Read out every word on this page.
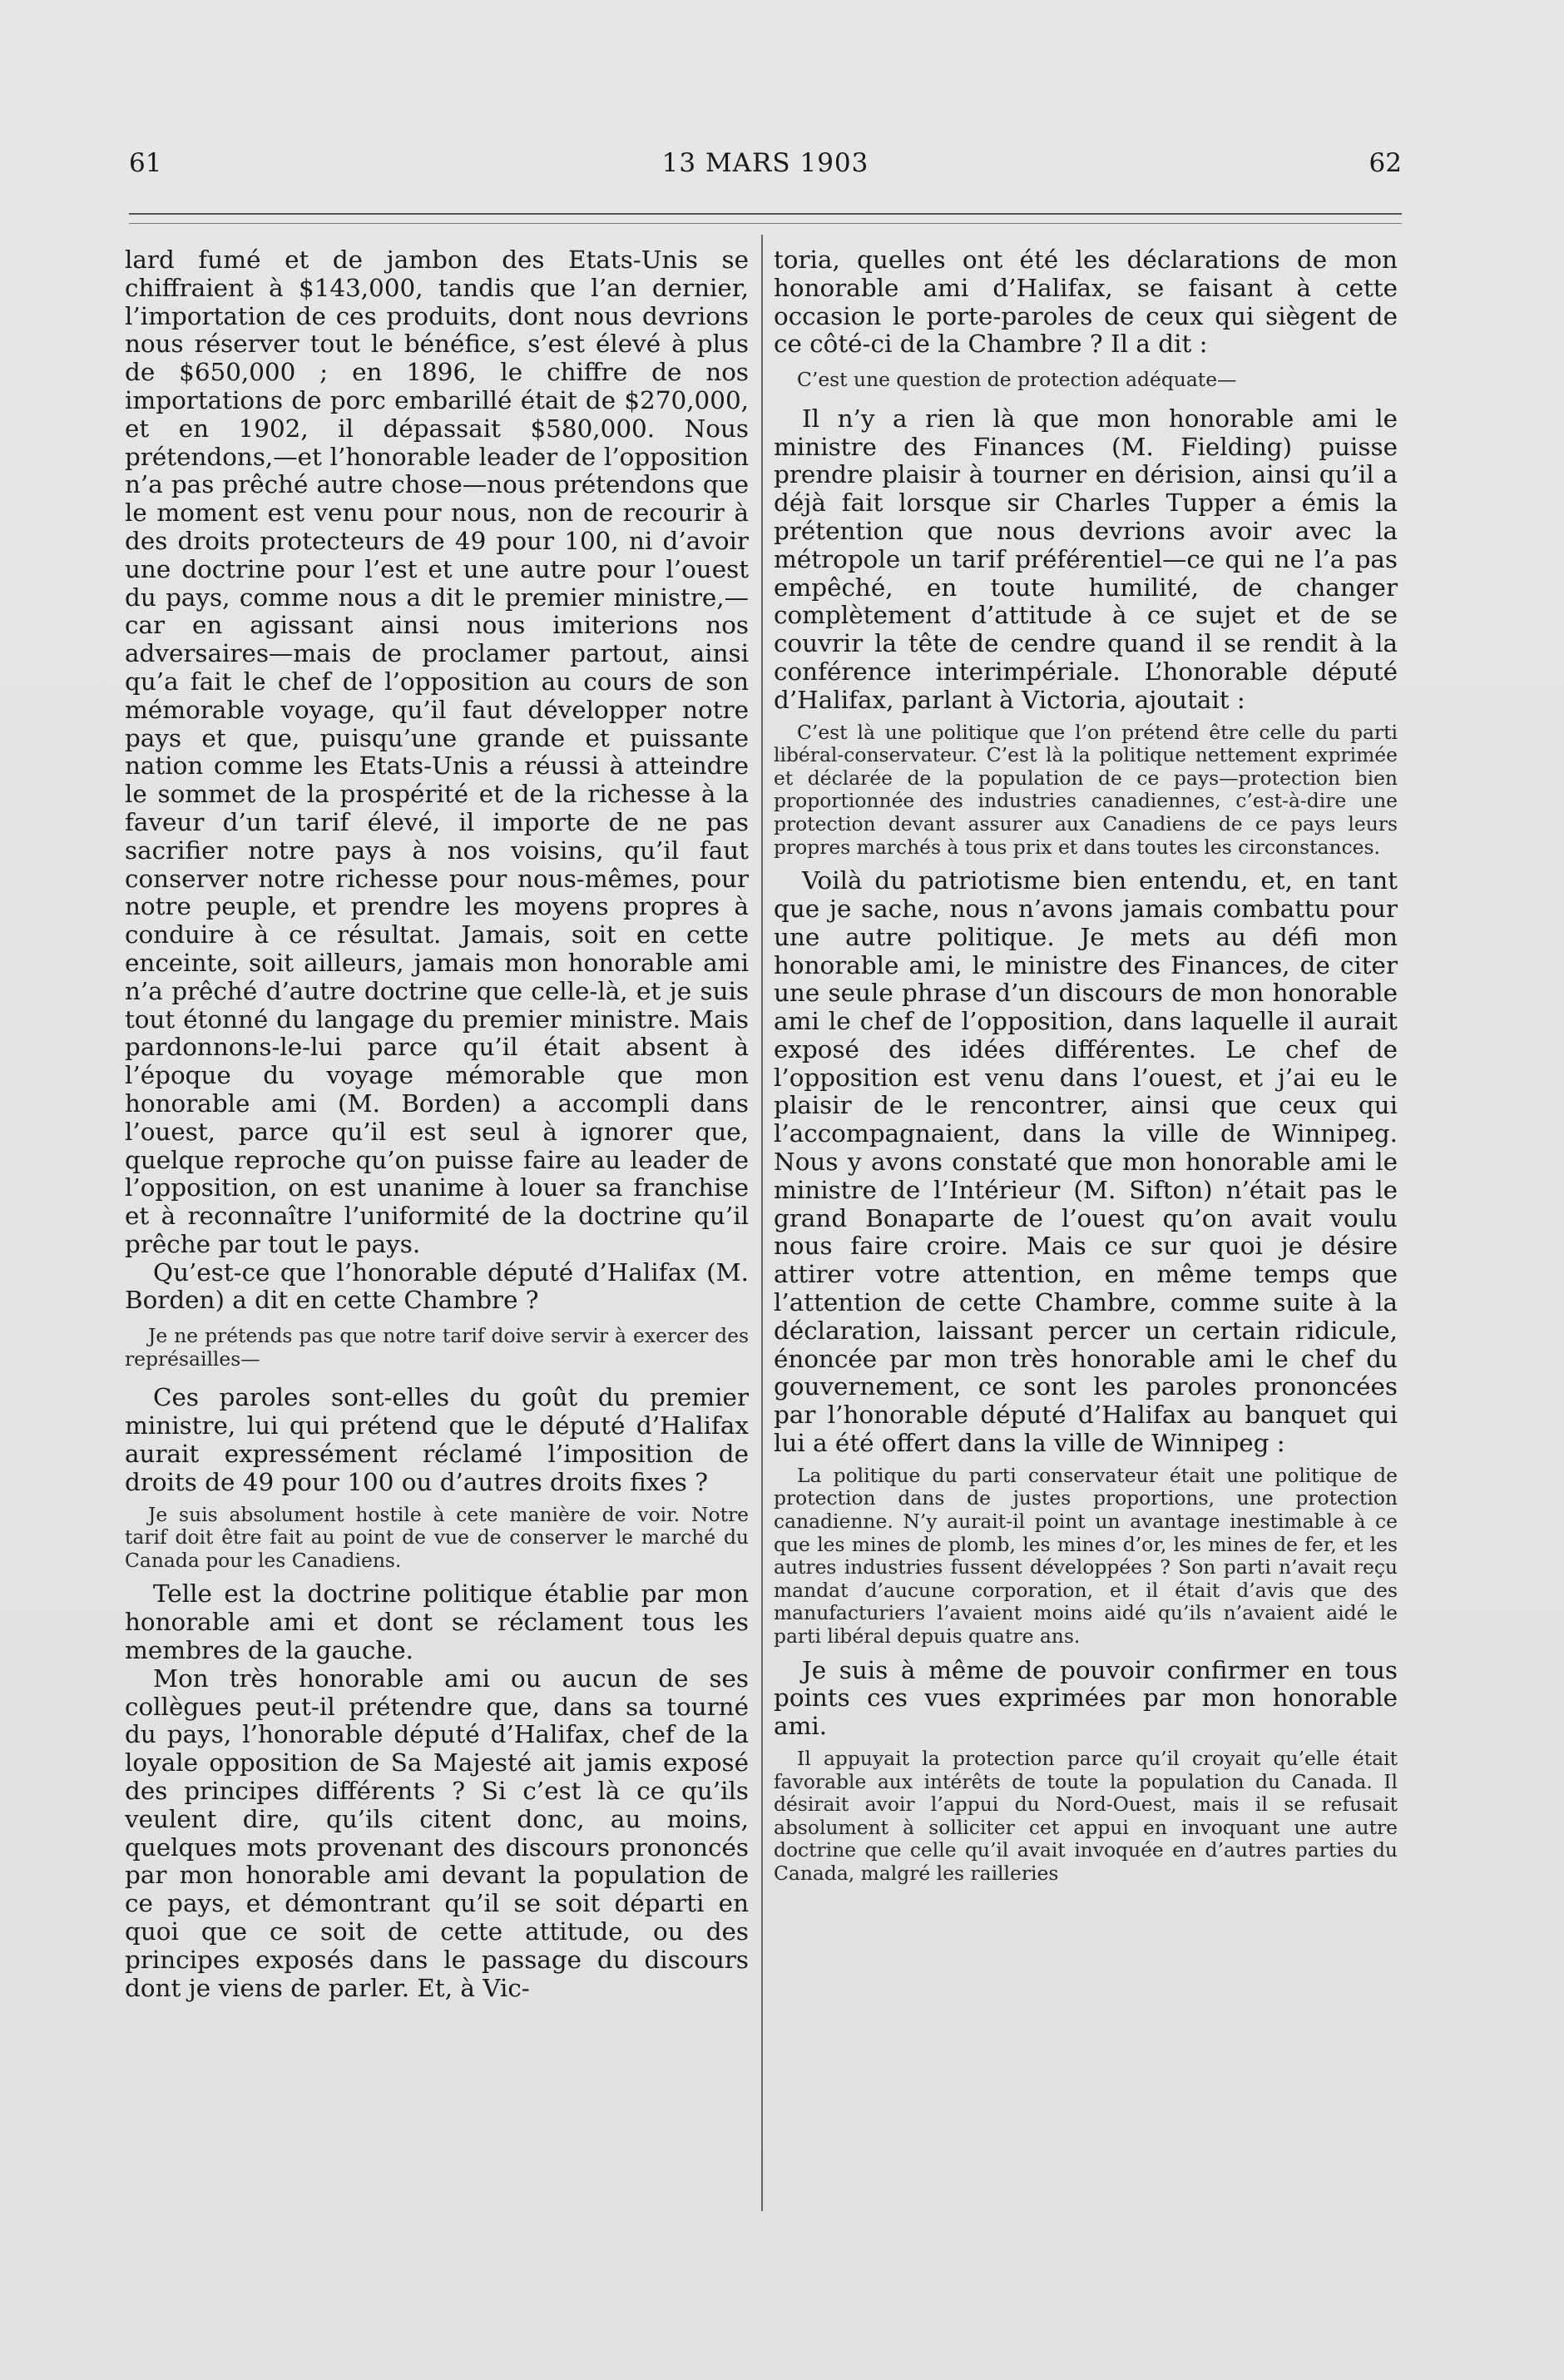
61	13 MARS 1903	62

lard fumé et de jambon des Etats-Unis se chiffraient à $143,000, tandis que l’an dernier, l’importation de ces produits, dont nous devrions nous réserver tout le bénéfice, s’est élevé à plus de $650,000 ; en 1896, le chiffre de nos importations de porc embarillé était de $270,000, et en 1902, il dépassait $580,000. Nous prétendons,—et l’honorable leader de l’opposition n’a pas prêché autre chose—nous prétendons que le moment est venu pour nous, non de recourir à des droits protecteurs de 49 pour 100, ni d’avoir une doctrine pour l’est et une autre pour l’ouest du pays, comme nous a dit le premier ministre,—car en agissant ainsi nous imiterions nos adversaires—mais de proclamer partout, ainsi qu’a fait le chef de l’opposition au cours de son mémorable voyage, qu’il faut développer notre pays et que, puisqu’une grande et puissante nation comme les Etats-Unis a réussi à atteindre le sommet de la prospérité et de la richesse à la faveur d’un tarif élevé, il importe de ne pas sacrifier notre pays à nos voisins, qu’il faut conserver notre richesse pour nous-mêmes, pour notre peuple, et prendre les moyens propres à conduire à ce résultat. Jamais, soit en cette enceinte, soit ailleurs, jamais mon honorable ami n’a prêché d’autre doctrine que celle-là, et je suis tout étonné du langage du premier ministre. Mais pardonnons-le-lui parce qu’il était absent à l’époque du voyage mémorable que mon honorable ami (M. Borden) a accompli dans l’ouest, parce qu’il est seul à ignorer que, quelque reproche qu’on puisse faire au leader de l’opposition, on est unanime à louer sa franchise et à reconnaître l’uniformité de la doctrine qu’il prêche par tout le pays.

Qu’est-ce que l’honorable député d’Halifax (M. Borden) a dit en cette Chambre ?

Je ne prétends pas que notre tarif doive servir à exercer des représailles—

Ces paroles sont-elles du goût du premier ministre, lui qui prétend que le député d’Halifax aurait expressément réclamé l’imposition de droits de 49 pour 100 ou d’autres droits fixes ?

Je suis absolument hostile à cete manière de voir. Notre tarif doit être fait au point de vue de conserver le marché du Canada pour les Canadiens.

Telle est la doctrine politique établie par mon honorable ami et dont se réclament tous les membres de la gauche.

Mon très honorable ami ou aucun de ses collègues peut-il prétendre que, dans sa tourné du pays, l’honorable député d’Halifax, chef de la loyale opposition de Sa Majesté ait jamis exposé des principes différents ? Si c’est là ce qu’ils veulent dire, qu’ils citent donc, au moins, quelques mots provenant des discours prononcés par mon honorable ami devant la population de ce pays, et démontrant qu’il se soit départi en quoi que ce soit de cette attitude, ou des principes exposés dans le passage du discours dont je viens de parler. Et, à Vic-

toria, quelles ont été les déclarations de mon honorable ami d’Halifax, se faisant à cette occasion le porte-paroles de ceux qui siègent de ce côté-ci de la Chambre ? Il a dit :

C’est une question de protection adéquate—

Il n’y a rien là que mon honorable ami le ministre des Finances (M. Fielding) puisse prendre plaisir à tourner en dérision, ainsi qu’il a déjà fait lorsque sir Charles Tupper a émis la prétention que nous devrions avoir avec la métropole un tarif préférentiel—ce qui ne l’a pas empêché, en toute humilité, de changer complètement d’attitude à ce sujet et de se couvrir la tête de cendre quand il se rendit à la conférence interimpériale. L’honorable député d’Halifax, parlant à Victoria, ajoutait :

C’est là une politique que l’on prétend être celle du parti libéral-conservateur. C’est là la politique nettement exprimée et déclarée de la population de ce pays—protection bien proportionnée des industries canadiennes, c’est-à-dire une protection devant assurer aux Canadiens de ce pays leurs propres marchés à tous prix et dans toutes les circonstances.

Voilà du patriotisme bien entendu, et, en tant que je sache, nous n’avons jamais combattu pour une autre politique. Je mets au défi mon honorable ami, le ministre des Finances, de citer une seule phrase d’un discours de mon honorable ami le chef de l’opposition, dans laquelle il aurait exposé des idées différentes. Le chef de l’opposition est venu dans l’ouest, et j’ai eu le plaisir de le rencontrer, ainsi que ceux qui l’accompagnaient, dans la ville de Winnipeg. Nous y avons constaté que mon honorable ami le ministre de l’Intérieur (M. Sifton) n’était pas le grand Bonaparte de l’ouest qu’on avait voulu nous faire croire. Mais ce sur quoi je désire attirer votre attention, en même temps que l’attention de cette Chambre, comme suite à la déclaration, laissant percer un certain ridicule, énoncée par mon très honorable ami le chef du gouvernement, ce sont les paroles prononcées par l’honorable député d’Halifax au banquet qui lui a été offert dans la ville de Winnipeg :

La politique du parti conservateur était une politique de protection dans de justes proportions, une protection canadienne. N’y aurait-il point un avantage inestimable à ce que les mines de plomb, les mines d’or, les mines de fer, et les autres industries fussent développées ? Son parti n’avait reçu mandat d’aucune corporation, et il était d’avis que des manufacturiers l’avaient moins aidé qu’ils n’avaient aidé le parti libéral depuis quatre ans.

Je suis à même de pouvoir confirmer en tous points ces vues exprimées par mon honorable ami.

Il appuyait la protection parce qu’il croyait qu’elle était favorable aux intérêts de toute la population du Canada. Il désirait avoir l’appui du Nord-Ouest, mais il se refusait absolument à solliciter cet appui en invoquant une autre doctrine que celle qu’il avait invoquée en d’autres parties du Canada, malgré les railleries
